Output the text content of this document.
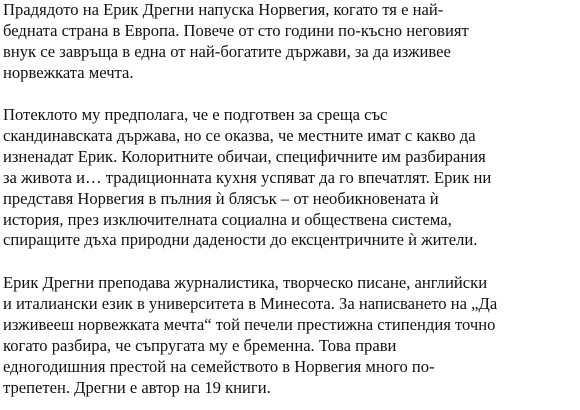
Прадядото на Ерик Дрегни напуска Норвегия, когато тя е най-
бедната страна в Европа. Повече от сто години по-късно неговият
внук се завръща в една от най-богатите държави, за да изживее
норвежката мечта.

Потеклото му предполага, че е подготвен за среща със
скандинавската държава, но се оказва, че местните имат с какво да
изненадат Ерик. Колоритните обичаи, специфичните им разбирания
за живота и… традиционната кухня успяват да го впечатлят. Ерик ни
представя Норвегия в пълния ѝ блясък – от необикновената ѝ
история, през изключителната социална и обществена система,
спиращите дъха природни дадености до ексцентричните ѝ жители.

Ерик Дрегни преподава журналистика, творческо писане, английски
и италиански език в университета в Минесота. За написването на „Да
изживееш норвежката мечта“ той печели престижна стипендия точно
когато разбира, че съпругата му е бременна. Това прави
едногодишния престой на семейството в Норвегия много по-
трепетен. Дрегни е автор на 19 книги.
